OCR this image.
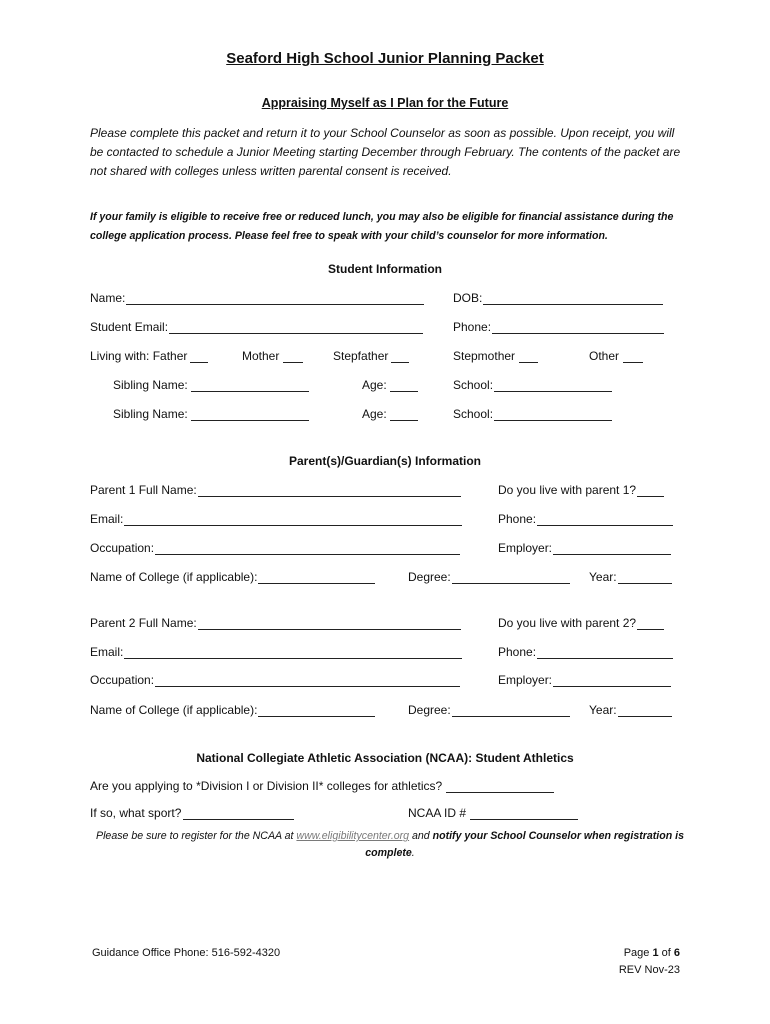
Seaford High School Junior Planning Packet
Appraising Myself as I Plan for the Future
Please complete this packet and return it to your School Counselor as soon as possible. Upon receipt, you will be contacted to schedule a Junior Meeting starting December through February. The contents of the packet are not shared with colleges unless written parental consent is received.
If your family is eligible to receive free or reduced lunch, you may also be eligible for financial assistance during the college application process. Please feel free to speak with your child’s counselor for more information.
Student Information
Name:	DOB:
Student Email:	Phone:
Living with: Father	Mother	Stepfather	Stepmother	Other
Sibling Name:	Age:	School:
Sibling Name:	Age:	School:
Parent(s)/Guardian(s) Information
Parent 1 Full Name:	Do you live with parent 1?
Email:	Phone:
Occupation:	Employer:
Name of College (if applicable):	Degree:	Year:
Parent 2 Full Name:	Do you live with parent 2?
Email:	Phone:
Occupation:	Employer:
Name of College (if applicable):	Degree:	Year:
National Collegiate Athletic Association (NCAA): Student Athletics
Are you applying to *Division I or Division II* colleges for athletics?
If so, what sport?	NCAA ID #
Please be sure to register for the NCAA at www.eligibilitycenter.org and notify your School Counselor when registration is complete.
Guidance Office Phone: 516-592-4320	Page 1 of 6
REV Nov-23
